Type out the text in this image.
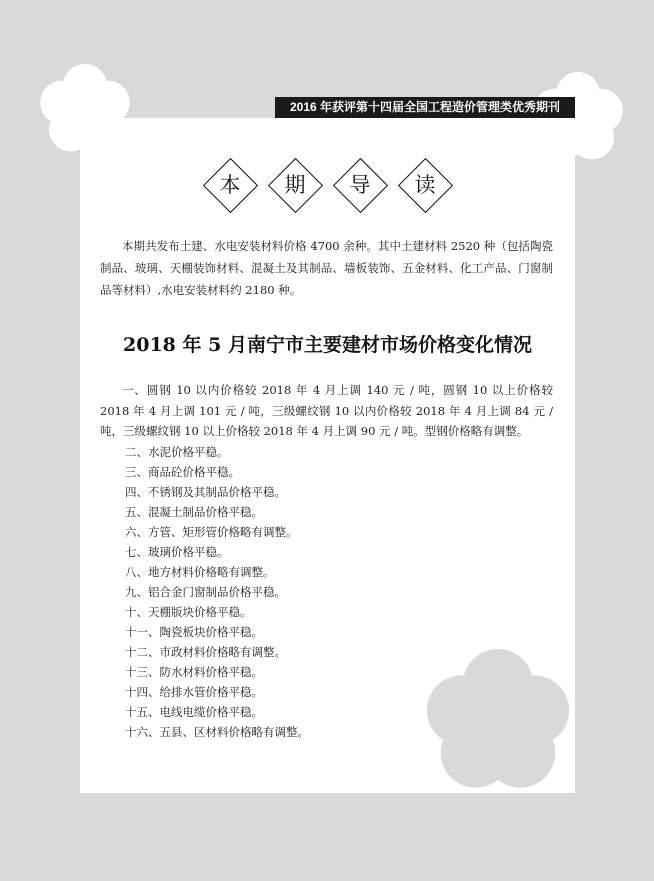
2016 年获评第十四届全国工程造价管理类优秀期刊
本	期	导	读
本期共发布土建、水电安装材料价格 4700 余种。其中土建材料 2520 种（包括陶瓷制品、玻璃、天棚装饰材料、混凝土及其制品、墙板装饰、五金材料、化工产品、门窗制品等材料）,水电安装材料约 2180 种。
2018 年 5 月南宁市主要建材市场价格变化情况
一、圆钢 10 以内价格较 2018 年 4 月上调 140 元 / 吨，圆钢 10 以上价格较 2018 年 4 月上调 101 元 / 吨，三级螺纹钢 10 以内价格较 2018 年 4 月上调 84 元 / 吨，三级螺纹钢 10 以上价格较 2018 年 4 月上调 90 元 / 吨。型钢价格略有调整。
二、水泥价格平稳。
三、商品砼价格平稳。
四、不锈钢及其制品价格平稳。
五、混凝土制品价格平稳。
六、方管、矩形管价格略有调整。
七、玻璃价格平稳。
八、地方材料价格略有调整。
九、铝合金门窗制品价格平稳。
十、天棚版块价格平稳。
十一、陶瓷板块价格平稳。
十二、市政材料价格略有调整。
十三、防水材料价格平稳。
十四、给排水管价格平稳。
十五、电线电缆价格平稳。
十六、五县、区材料价格略有调整。
